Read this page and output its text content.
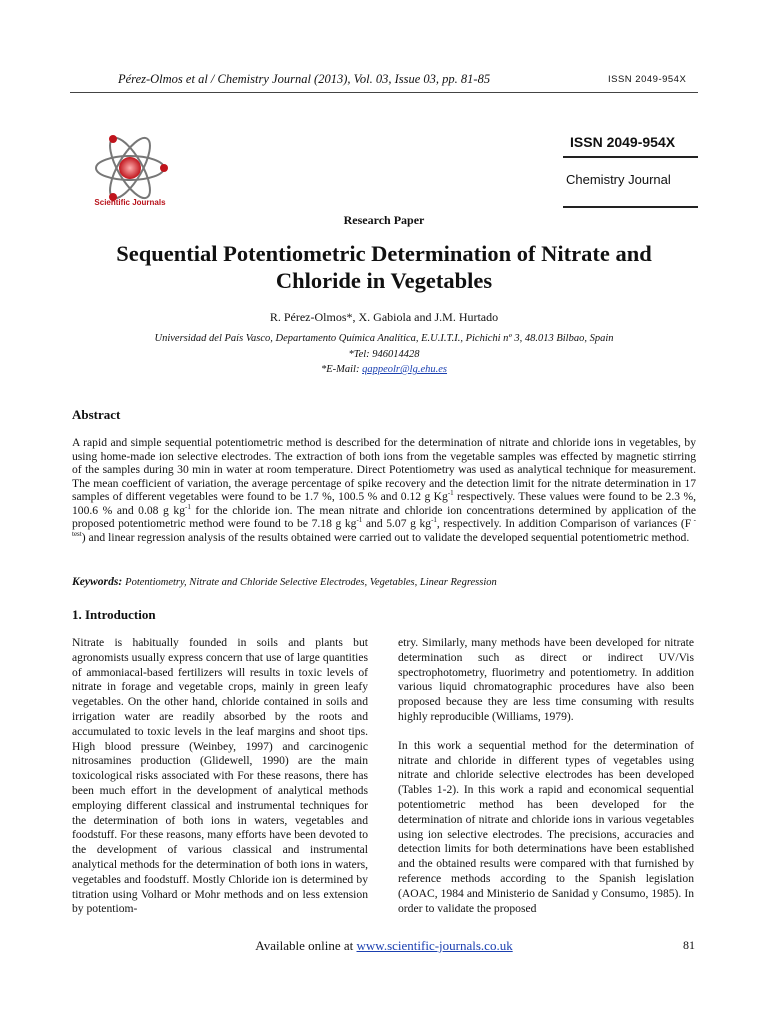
Pérez-Olmos et al / Chemistry Journal (2013), Vol. 03, Issue 03, pp. 81-85	ISSN 2049-954X
Scientific Journals
ISSN 2049-954X
Chemistry Journal
Research Paper
Sequential Potentiometric Determination of Nitrate and
Chloride in Vegetables
R. Pérez-Olmos*, X. Gabiola and J.M. Hurtado
Universidad del País Vasco, Departamento Química Analítica, E.U.I.T.I., Pichichi nº 3, 48.013 Bilbao, Spain
*Tel: 946014428
*E-Mail: qappeolr@lg.ehu.es
Abstract
A rapid and simple sequential potentiometric method is described for the determination of nitrate and chloride ions in vegetables, by using home-made ion selective electrodes. The extraction of both ions from the vegetable samples was effected by magnetic stirring of the samples during 30 min in water at room temperature. Direct Potentiometry was used as analytical technique for measurement. The mean coefficient of variation, the average percentage of spike recovery and the detection limit for the nitrate determination in 17 samples of different vegetables were found to be 1.7 %, 100.5 % and 0.12 g $Kg^{-1}$ respectively. These values were found to be 2.3 %, 100.6 % and 0.08 g $kg^{-1}$ for the chloride ion. The mean nitrate and chloride ion concentrations determined by application of the proposed potentiometric method were found to be 7.18 g $kg^{-1}$ and 5.07 g $kg^{-1}$, respectively. In addition Comparison of variances (F $^{- test}$) and linear regression analysis of the results obtained were carried out to validate the developed sequential potentiometric method.
Keywords: Potentiometry, Nitrate and Chloride Selective Electrodes, Vegetables, Linear Regression
1. Introduction

Nitrate is habitually founded in soils and plants but agronomists usually express concern that use of large quantities of ammoniacal-based fertilizers will results in toxic levels of nitrate in forage and vegetable crops, mainly in green leafy vegetables. On the other hand, chloride contained in soils and irrigation water are readily absorbed by the roots and accumulated to toxic levels in the leaf margins and shoot tips. High blood pressure (Weinbey, 1997) and carcinogenic nitrosamines production (Glidewell, 1990) are the main toxicological risks associated with For these reasons, there has been much effort in the development of analytical methods employing different classical and instrumental techniques for the determination of both ions in waters, vegetables and foodstuff. For these reasons, many efforts have been devoted to the development of various classical and instrumental analytical methods for the determination of both ions in waters, vegetables and foodstuff. Mostly Chloride ion is determined by titration using Volhard or Mohr methods and on less extension by potentiom-

etry. Similarly, many methods have been developed for nitrate determination such as direct or indirect UV/Vis spectrophotometry, fluorimetry and potentiometry. In addition various liquid chromatographic procedures have also been proposed because they are less time consuming with results highly reproducible (Williams, 1979).

In this work a sequential method for the determination of nitrate and chloride in different types of vegetables using nitrate and chloride selective electrodes has been developed (Tables 1-2). In this work a rapid and economical sequential potentiometric method has been developed for the determination of nitrate and chloride ions in various vegetables using ion selective electrodes. The precisions, accuracies and detection limits for both determinations have been established and the obtained results were compared with that furnished by reference methods according to the Spanish legislation (AOAC, 1984 and Ministerio de Sanidad y Consumo, 1985). In order to validate the proposed

Available online at www.scientific-journals.co.uk	81
